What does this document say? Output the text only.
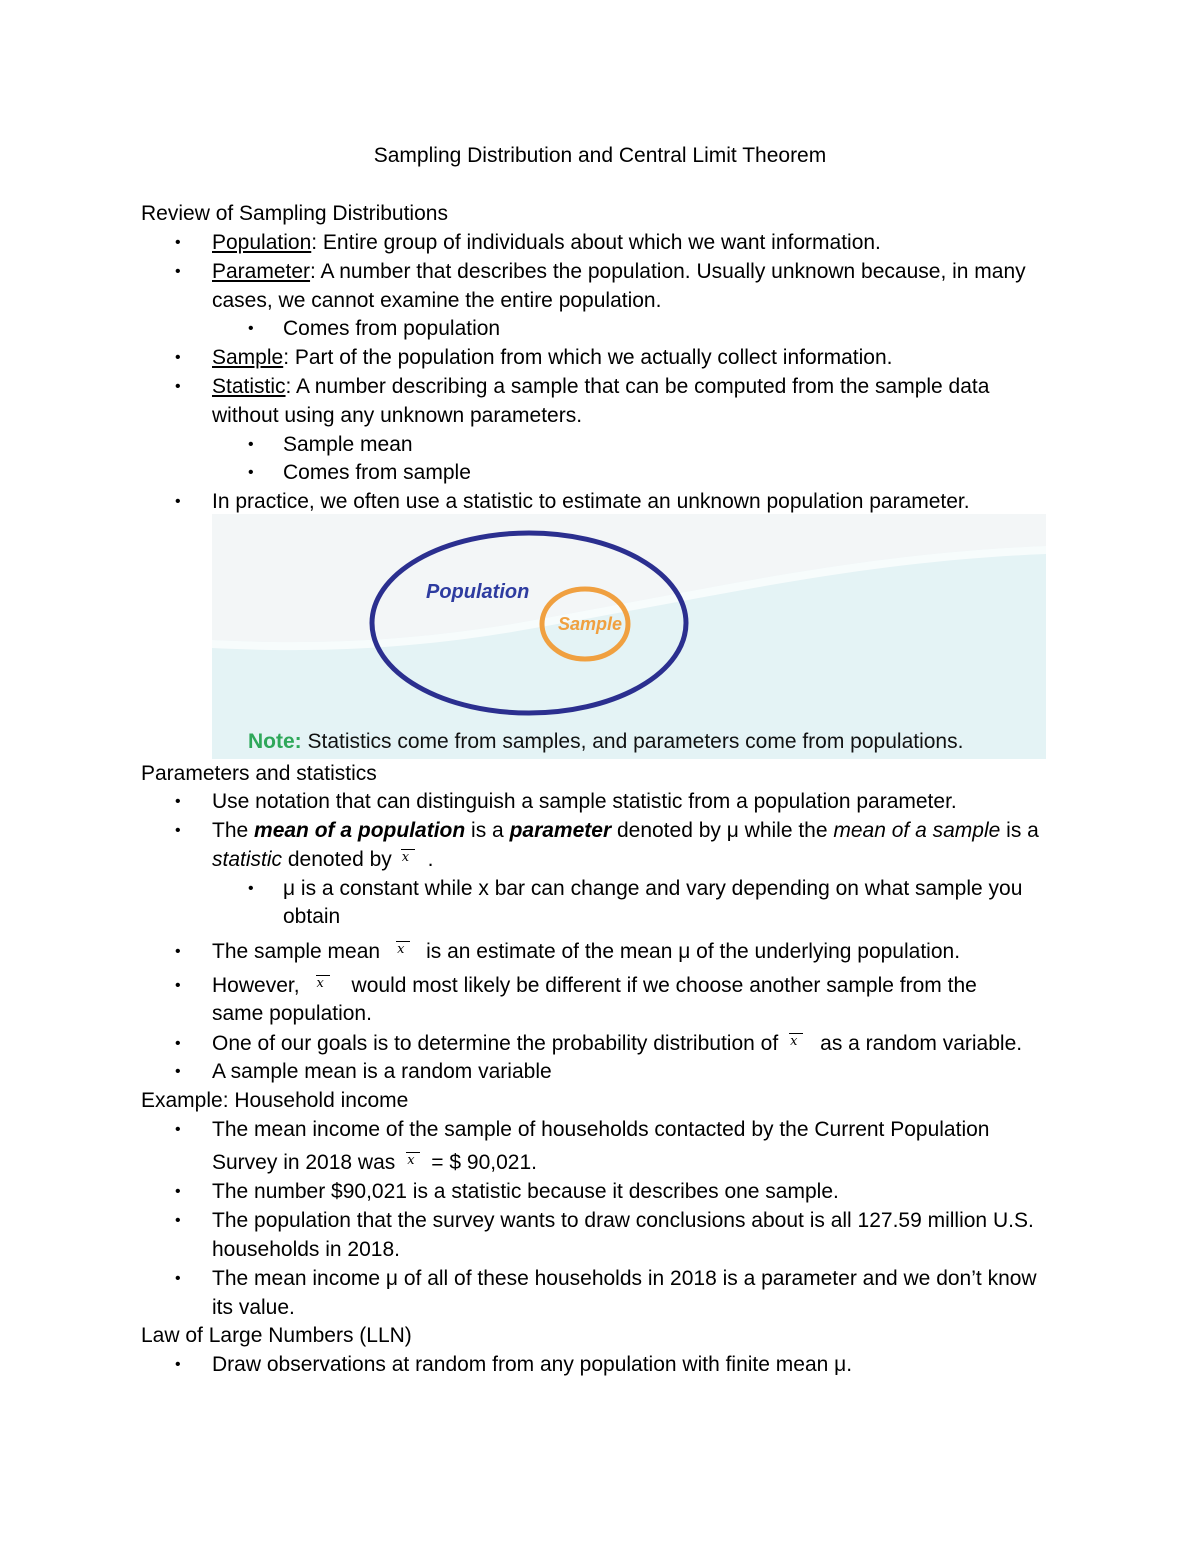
Sampling Distribution and Central Limit Theorem
Review of Sampling Distributions
• Population: Entire group of individuals about which we want information.
• Parameter: A number that describes the population. Usually unknown because, in many
cases, we cannot examine the entire population.
• Comes from population
• Sample: Part of the population from which we actually collect information.
• Statistic: A number describing a sample that can be computed from the sample data
without using any unknown parameters.
• Sample mean
• Comes from sample
• In practice, we often use a statistic to estimate an unknown population parameter.
Population
Sample
Note: Statistics come from samples, and parameters come from populations.
Parameters and statistics
• Use notation that can distinguish a sample statistic from a population parameter.
• The mean of a population is a parameter denoted by μ while the mean of a sample is a
statistic denoted by x .
• μ is a constant while x bar can change and vary depending on what sample you
obtain
• The sample mean x is an estimate of the mean μ of the underlying population.
• However, x would most likely be different if we choose another sample from the
same population.
• One of our goals is to determine the probability distribution of x as a random variable.
• A sample mean is a random variable
Example: Household income
• The mean income of the sample of households contacted by the Current Population
Survey in 2018 was x = $ 90,021.
• The number $90,021 is a statistic because it describes one sample.
• The population that the survey wants to draw conclusions about is all 127.59 million U.S.
households in 2018.
• The mean income μ of all of these households in 2018 is a parameter and we don’t know
its value.
Law of Large Numbers (LLN)
• Draw observations at random from any population with finite mean μ.
